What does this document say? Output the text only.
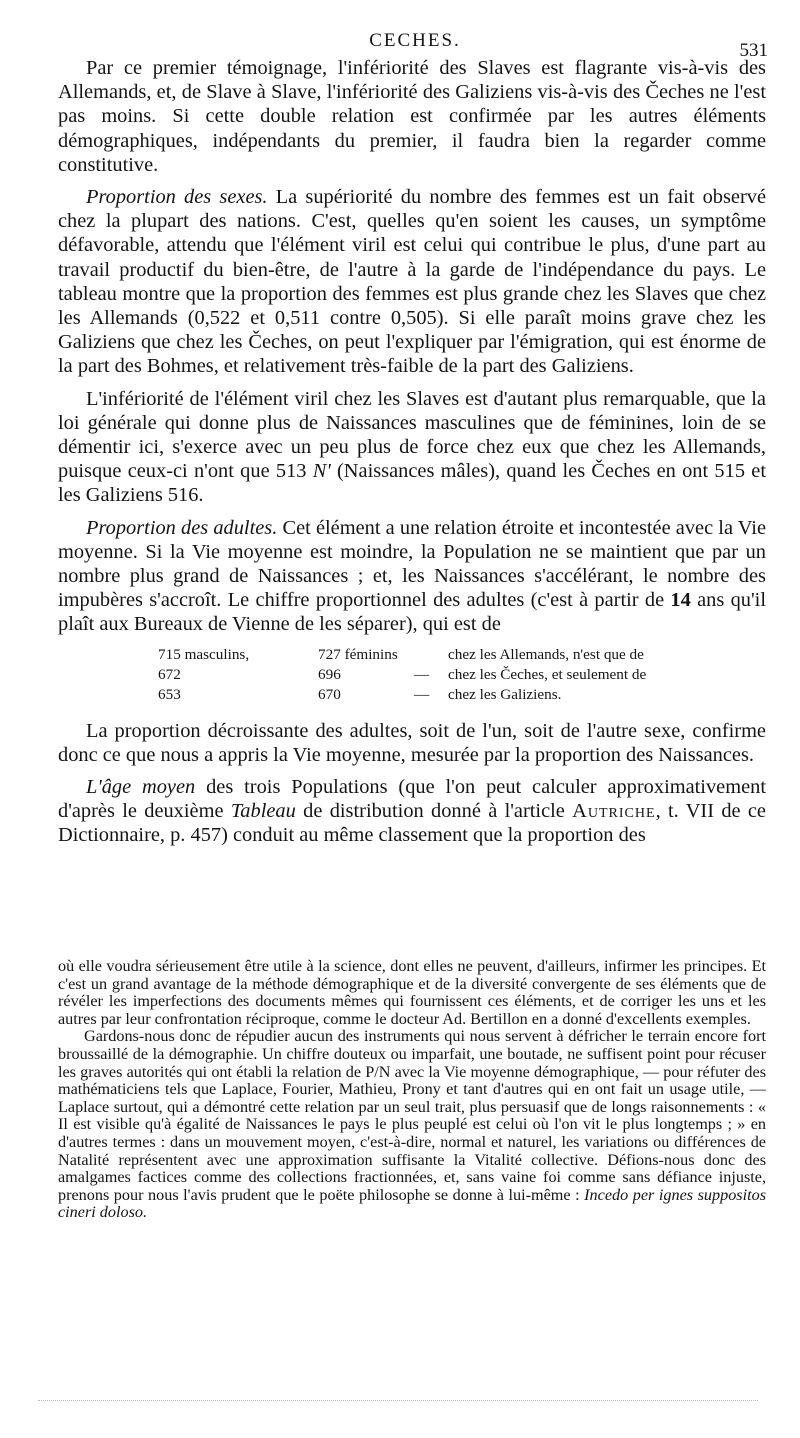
CECHES.	531

Par ce premier témoignage, l'infériorité des Slaves est flagrante vis-à-vis des Allemands, et, de Slave à Slave, l'infériorité des Galiziens vis-à-vis des Čeches ne l'est pas moins. Si cette double relation est confirmée par les autres éléments démographiques, indépendants du premier, il faudra bien la regarder comme constitutive.

Proportion des sexes. La supériorité du nombre des femmes est un fait observé chez la plupart des nations. C'est, quelles qu'en soient les causes, un symptôme défavorable, attendu que l'élément viril est celui qui contribue le plus, d'une part au travail productif du bien-être, de l'autre à la garde de l'indépendance du pays. Le tableau montre que la proportion des femmes est plus grande chez les Slaves que chez les Allemands (0,522 et 0,511 contre 0,505). Si elle paraît moins grave chez les Galiziens que chez les Čeches, on peut l'expliquer par l'émigration, qui est énorme de la part des Bohmes, et relativement très-faible de la part des Galiziens.

L'infériorité de l'élément viril chez les Slaves est d'autant plus remarquable, que la loi générale qui donne plus de Naissances masculines que de féminines, loin de se démentir ici, s'exerce avec un peu plus de force chez eux que chez les Allemands, puisque ceux-ci n'ont que 513 N' (Naissances mâles), quand les Čeches en ont 515 et les Galiziens 516.

Proportion des adultes. Cet élément a une relation étroite et incontestée avec la Vie moyenne. Si la Vie moyenne est moindre, la Population ne se maintient que par un nombre plus grand de Naissances ; et, les Naissances s'accélérant, le nombre des impubères s'accroît. Le chiffre proportionnel des adultes (c'est à partir de 14 ans qu'il plaît aux Bureaux de Vienne de les séparer), qui est de

715 masculins,	727 féminins		chez les Allemands, n'est que de
672	696	—	chez les Čeches, et seulement de
653	670	—	chez les Galiziens.

La proportion décroissante des adultes, soit de l'un, soit de l'autre sexe, confirme donc ce que nous a appris la Vie moyenne, mesurée par la proportion des Naissances.

L'âge moyen des trois Populations (que l'on peut calculer approximativement d'après le deuxième Tableau de distribution donné à l'article Autriche, t. VII de ce Dictionnaire, p. 457) conduit au même classement que la proportion des

où elle voudra sérieusement être utile à la science, dont elles ne peuvent, d'ailleurs, infirmer les principes. Et c'est un grand avantage de la méthode démographique et de la diversité convergente de ses éléments que de révéler les imperfections des documents mêmes qui fournissent ces éléments, et de corriger les uns et les autres par leur confrontation réciproque, comme le docteur Ad. Bertillon en a donné d'excellents exemples.

Gardons-nous donc de répudier aucun des instruments qui nous servent à défricher le terrain encore fort broussaillé de la démographie. Un chiffre douteux ou imparfait, une boutade, ne suffisent point pour récuser les graves autorités qui ont établi la relation de P/N avec la Vie moyenne démographique, — pour réfuter des mathématiciens tels que Laplace, Fourier, Mathieu, Prony et tant d'autres qui en ont fait un usage utile, — Laplace surtout, qui a démontré cette relation par un seul trait, plus persuasif que de longs raisonnements : « Il est visible qu'à égalité de Naissances le pays le plus peuplé est celui où l'on vit le plus longtemps ; » en d'autres termes : dans un mouvement moyen, c'est-à-dire, normal et naturel, les variations ou différences de Natalité représentent avec une approximation suffisante la Vitalité collective. Défions-nous donc des amalgames factices comme des collections fractionnées, et, sans vaine foi comme sans défiance injuste, prenons pour nous l'avis prudent que le poëte philosophe se donne à lui-même : Incedo per ignes suppositos cineri doloso.
